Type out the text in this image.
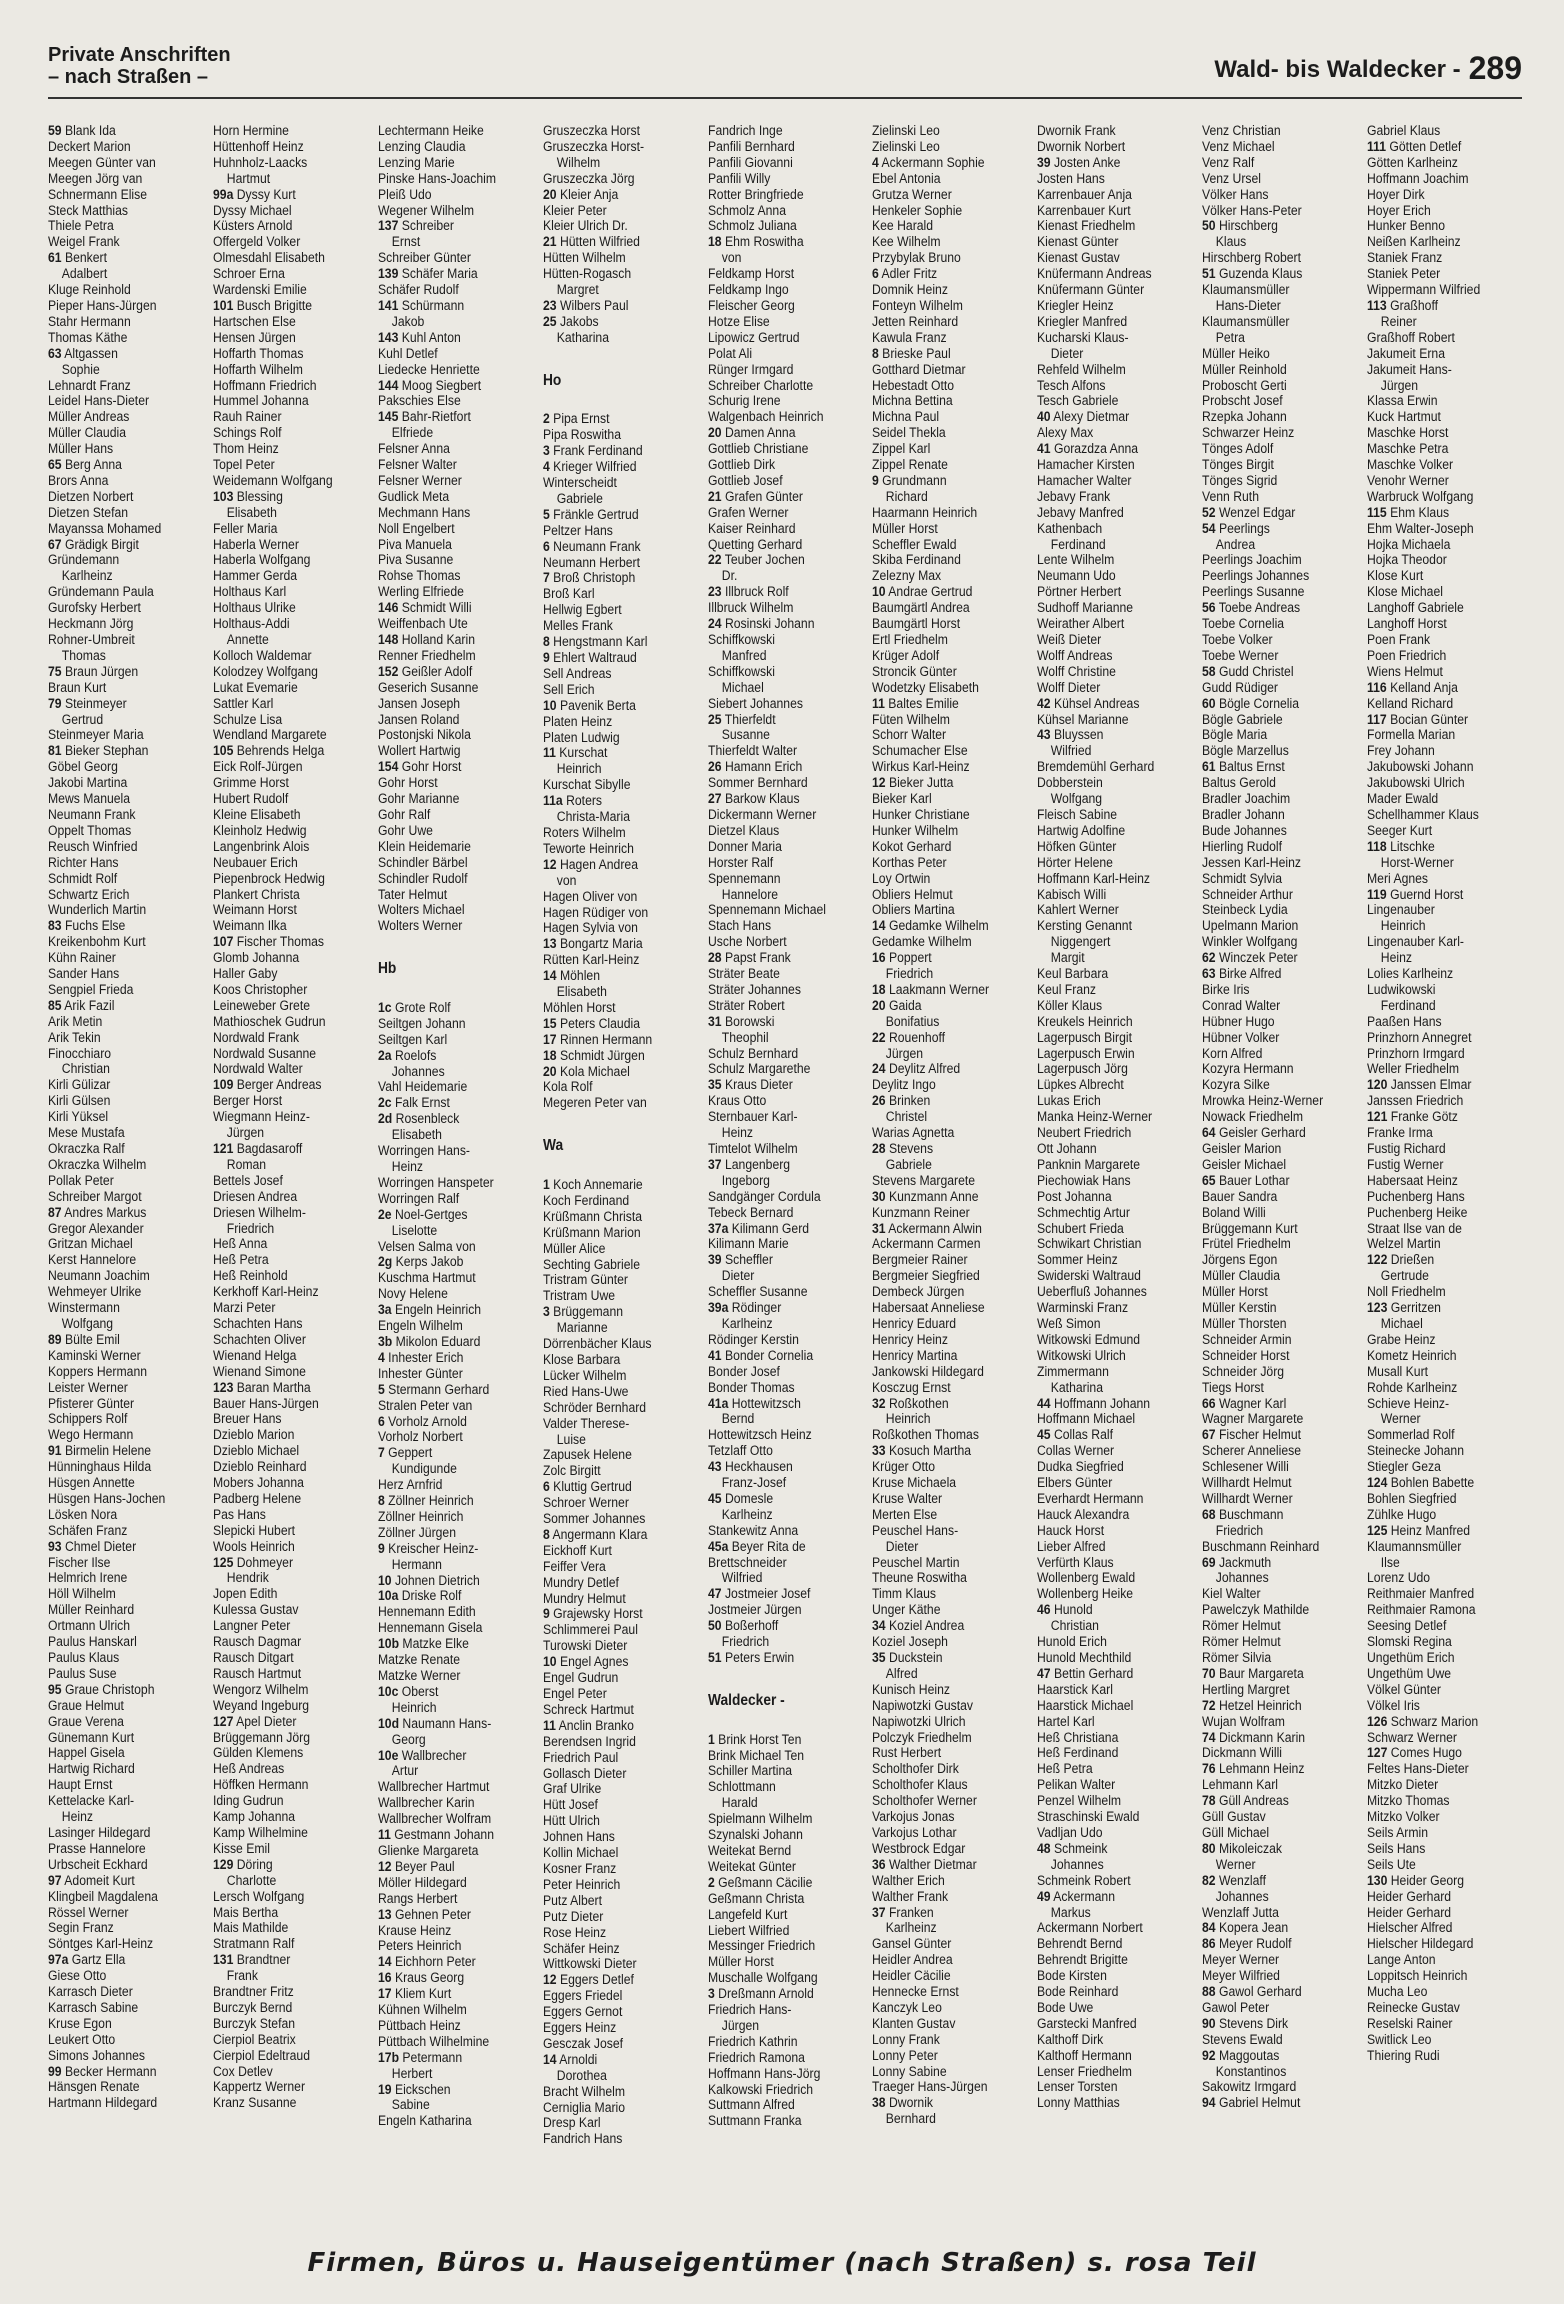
Private Anschriften
– nach Straßen –	Wald- bis Waldecker - 289
59 Blank Ida
Deckert Marion
Meegen Günter van
Meegen Jörg van
Schnermann Elise
Steck Matthias
Thiele Petra
Weigel Frank
61 Benkert
Adalbert
Kluge Reinhold
Pieper Hans-Jürgen
Stahr Hermann
Thomas Käthe
63 Altgassen
Sophie
Lehnardt Franz
Leidel Hans-Dieter
Müller Andreas
Müller Claudia
Müller Hans
65 Berg Anna
Brors Anna
Dietzen Norbert
Dietzen Stefan
Mayanssa Mohamed
67 Grädigk Birgit
Gründemann
Karlheinz
Gründemann Paula
Gurofsky Herbert
Heckmann Jörg
Rohner-Umbreit
Thomas
75 Braun Jürgen
Braun Kurt
79 Steinmeyer
Gertrud
Steinmeyer Maria
81 Bieker Stephan
Göbel Georg
Jakobi Martina
Mews Manuela
Neumann Frank
Oppelt Thomas
Reusch Winfried
Richter Hans
Schmidt Rolf
Schwartz Erich
Wunderlich Martin
83 Fuchs Else
Kreikenbohm Kurt
Kühn Rainer
Sander Hans
Sengpiel Frieda
85 Arik Fazil
Arik Metin
Arik Tekin
Finocchiaro
Christian
Kirli Gülizar
Kirli Gülsen
Kirli Yüksel
Mese Mustafa
Okraczka Ralf
Okraczka Wilhelm
Pollak Peter
Schreiber Margot
87 Andres Markus
Gregor Alexander
Gritzan Michael
Kerst Hannelore
Neumann Joachim
Wehmeyer Ulrike
Winstermann
Wolfgang
89 Bülte Emil
Kaminski Werner
Koppers Hermann
Leister Werner
Pfisterer Günter
Schippers Rolf
Wego Hermann
91 Birmelin Helene
Hünninghaus Hilda
Hüsgen Annette
Hüsgen Hans-Jochen
Lösken Nora
Schäfen Franz
93 Chmel Dieter
Fischer Ilse
Helmrich Irene
Höll Wilhelm
Müller Reinhard
Ortmann Ulrich
Paulus Hanskarl
Paulus Klaus
Paulus Suse
95 Graue Christoph
Graue Helmut
Graue Verena
Günemann Kurt
Happel Gisela
Hartwig Richard
Haupt Ernst
Kettelacke Karl-
Heinz
Lasinger Hildegard
Prasse Hannelore
Urbscheit Eckhard
97 Adomeit Kurt
Klingbeil Magdalena
Rössel Werner
Segin Franz
Söntges Karl-Heinz
97a Gartz Ella
Giese Otto
Karrasch Dieter
Karrasch Sabine
Kruse Egon
Leukert Otto
Simons Johannes
99 Becker Hermann
Hänsgen Renate
Hartmann Hildegard
Horn Hermine
Hüttenhoff Heinz
Huhnholz-Laacks
Hartmut
99a Dyssy Kurt
Dyssy Michael
Küsters Arnold
Offergeld Volker
Olmesdahl Elisabeth
Schroer Erna
Wardenski Emilie
101 Busch Brigitte
Hartschen Else
Hensen Jürgen
Hoffarth Thomas
Hoffarth Wilhelm
Hoffmann Friedrich
Hummel Johanna
Rauh Rainer
Schings Rolf
Thom Heinz
Topel Peter
Weidemann Wolfgang
103 Blessing
Elisabeth
Feller Maria
Haberla Werner
Haberla Wolfgang
Hammer Gerda
Holthaus Karl
Holthaus Ulrike
Holthaus-Addi
Annette
Kolloch Waldemar
Kolodzey Wolfgang
Lukat Evemarie
Sattler Karl
Schulze Lisa
Wendland Margarete
105 Behrends Helga
Eick Rolf-Jürgen
Grimme Horst
Hubert Rudolf
Kleine Elisabeth
Kleinholz Hedwig
Langenbrink Alois
Neubauer Erich
Piepenbrock Hedwig
Plankert Christa
Weimann Horst
Weimann Ilka
107 Fischer Thomas
Glomb Johanna
Haller Gaby
Koos Christopher
Leineweber Grete
Mathioschek Gudrun
Nordwald Frank
Nordwald Susanne
Nordwald Walter
109 Berger Andreas
Berger Horst
Wiegmann Heinz-
Jürgen
121 Bagdasaroff
Roman
Bettels Josef
Driesen Andrea
Driesen Wilhelm-
Friedrich
Heß Anna
Heß Petra
Heß Reinhold
Kerkhoff Karl-Heinz
Marzi Peter
Schachten Hans
Schachten Oliver
Wienand Helga
Wienand Simone
123 Baran Martha
Bauer Hans-Jürgen
Breuer Hans
Dzieblo Marion
Dzieblo Michael
Dzieblo Reinhard
Mobers Johanna
Padberg Helene
Pas Hans
Slepicki Hubert
Wools Heinrich
125 Dohmeyer
Hendrik
Jopen Edith
Kulessa Gustav
Langner Peter
Rausch Dagmar
Rausch Ditgart
Rausch Hartmut
Wengorz Wilhelm
Weyand Ingeburg
127 Apel Dieter
Brüggemann Jörg
Gülden Klemens
Heß Andreas
Höffken Hermann
Iding Gudrun
Kamp Johanna
Kamp Wilhelmine
Kisse Emil
129 Döring
Charlotte
Lersch Wolfgang
Mais Bertha
Mais Mathilde
Stratmann Ralf
131 Brandtner
Frank
Brandtner Fritz
Burczyk Bernd
Burczyk Stefan
Cierpiol Beatrix
Cierpiol Edeltraud
Cox Detlev
Kappertz Werner
Kranz Susanne
Lechtermann Heike
Lenzing Claudia
Lenzing Marie
Pinske Hans-Joachim
Pleiß Udo
Wegener Wilhelm
137 Schreiber
Ernst
Schreiber Günter
139 Schäfer Maria
Schäfer Rudolf
141 Schürmann
Jakob
143 Kuhl Anton
Kuhl Detlef
Liedecke Henriette
144 Moog Siegbert
Pakschies Else
145 Bahr-Rietfort
Elfriede
Felsner Anna
Felsner Walter
Felsner Werner
Gudlick Meta
Mechmann Hans
Noll Engelbert
Piva Manuela
Piva Susanne
Rohse Thomas
Werling Elfriede
146 Schmidt Willi
Weiffenbach Ute
148 Holland Karin
Renner Friedhelm
152 Geißler Adolf
Geserich Susanne
Jansen Joseph
Jansen Roland
Postonjski Nikola
Wollert Hartwig
154 Gohr Horst
Gohr Horst
Gohr Marianne
Gohr Ralf
Gohr Uwe
Klein Heidemarie
Schindler Bärbel
Schindler Rudolf
Tater Helmut
Wolters Michael
Wolters Werner

Hb

1c Grote Rolf
Seiltgen Johann
Seiltgen Karl
2a Roelofs
Johannes
Vahl Heidemarie
2c Falk Ernst
2d Rosenbleck
Elisabeth
Worringen Hans-
Heinz
Worringen Hanspeter
Worringen Ralf
2e Noel-Gertges
Liselotte
Velsen Salma von
2g Kerps Jakob
Kuschma Hartmut
Novy Helene
3a Engeln Heinrich
Engeln Wilhelm
3b Mikolon Eduard
4 Inhester Erich
Inhester Günter
5 Stermann Gerhard
Stralen Peter van
6 Vorholz Arnold
Vorholz Norbert
7 Geppert
Kundigunde
Herz Arnfrid
8 Zöllner Heinrich
Zöllner Heinrich
Zöllner Jürgen
9 Kreischer Heinz-
Hermann
10 Johnen Dietrich
10a Driske Rolf
Hennemann Edith
Hennemann Gisela
10b Matzke Elke
Matzke Renate
Matzke Werner
10c Oberst
Heinrich
10d Naumann Hans-
Georg
10e Wallbrecher
Artur
Wallbrecher Hartmut
Wallbrecher Karin
Wallbrecher Wolfram
11 Gestmann Johann
Glienke Margareta
12 Beyer Paul
Möller Hildegard
Rangs Herbert
13 Gehnen Peter
Krause Heinz
Peters Heinrich
14 Eichhorn Peter
16 Kraus Georg
17 Kliem Kurt
Kühnen Wilhelm
Püttbach Heinz
Püttbach Wilhelmine
17b Petermann
Herbert
19 Eickschen
Sabine
Engeln Katharina
Gruszeczka Horst
Gruszeczka Horst-
Wilhelm
Gruszeczka Jörg
20 Kleier Anja
Kleier Peter
Kleier Ulrich Dr.
21 Hütten Wilfried
Hütten Wilhelm
Hütten-Rogasch
Margret
23 Wilbers Paul
25 Jakobs
Katharina

Ho

2 Pipa Ernst
Pipa Roswitha
3 Frank Ferdinand
4 Krieger Wilfried
Winterscheidt
Gabriele
5 Fränkle Gertrud
Peltzer Hans
6 Neumann Frank
Neumann Herbert
7 Broß Christoph
Broß Karl
Hellwig Egbert
Melles Frank
8 Hengstmann Karl
9 Ehlert Waltraud
Sell Andreas
Sell Erich
10 Pavenik Berta
Platen Heinz
Platen Ludwig
11 Kurschat
Heinrich
Kurschat Sibylle
11a Roters
Christa-Maria
Roters Wilhelm
Teworte Heinrich
12 Hagen Andrea
von
Hagen Oliver von
Hagen Rüdiger von
Hagen Sylvia von
13 Bongartz Maria
Rütten Karl-Heinz
14 Möhlen
Elisabeth
Möhlen Horst
15 Peters Claudia
17 Rinnen Hermann
18 Schmidt Jürgen
20 Kola Michael
Kola Rolf
Megeren Peter van

Wa

1 Koch Annemarie
Koch Ferdinand
Krüßmann Christa
Krüßmann Marion
Müller Alice
Sechting Gabriele
Tristram Günter
Tristram Uwe
3 Brüggemann
Marianne
Dörrenbächer Klaus
Klose Barbara
Lücker Wilhelm
Ried Hans-Uwe
Schröder Bernhard
Valder Therese-
Luise
Zapusek Helene
Zolc Birgitt
6 Kluttig Gertrud
Schroer Werner
Sommer Johannes
8 Angermann Klara
Eickhoff Kurt
Feiffer Vera
Mundry Detlef
Mundry Helmut
9 Grajewsky Horst
Schlimmerei Paul
Turowski Dieter
10 Engel Agnes
Engel Gudrun
Engel Peter
Schreck Hartmut
11 Anclin Branko
Berendsen Ingrid
Friedrich Paul
Gollasch Dieter
Graf Ulrike
Hütt Josef
Hütt Ulrich
Johnen Hans
Kollin Michael
Kosner Franz
Peter Heinrich
Putz Albert
Putz Dieter
Rose Heinz
Schäfer Heinz
Wittkowski Dieter
12 Eggers Detlef
Eggers Friedel
Eggers Gernot
Eggers Heinz
Gesczak Josef
14 Arnoldi
Dorothea
Bracht Wilhelm
Cerniglia Mario
Dresp Karl
Fandrich Hans
Fandrich Inge
Panfili Bernhard
Panfili Giovanni
Panfili Willy
Rotter Bringfriede
Schmolz Anna
Schmolz Juliana
18 Ehm Roswitha
von
Feldkamp Horst
Feldkamp Ingo
Fleischer Georg
Hotze Elise
Lipowicz Gertrud
Polat Ali
Rünger Irmgard
Schreiber Charlotte
Schurig Irene
Walgenbach Heinrich
20 Damen Anna
Gottlieb Christiane
Gottlieb Dirk
Gottlieb Josef
21 Grafen Günter
Grafen Werner
Kaiser Reinhard
Quetting Gerhard
22 Teuber Jochen
Dr.
23 Illbruck Rolf
Illbruck Wilhelm
24 Rosinski Johann
Schiffkowski
Manfred
Schiffkowski
Michael
Siebert Johannes
25 Thierfeldt
Susanne
Thierfeldt Walter
26 Hamann Erich
Sommer Bernhard
27 Barkow Klaus
Dickermann Werner
Dietzel Klaus
Donner Maria
Horster Ralf
Spennemann
Hannelore
Spennemann Michael
Stach Hans
Usche Norbert
28 Papst Frank
Sträter Beate
Sträter Johannes
Sträter Robert
31 Borowski
Theophil
Schulz Bernhard
Schulz Margarethe
35 Kraus Dieter
Kraus Otto
Sternbauer Karl-
Heinz
Timtelot Wilhelm
37 Langenberg
Ingeborg
Sandgänger Cordula
Tebeck Bernard
37a Kilimann Gerd
Kilimann Marie
39 Scheffler
Dieter
Scheffler Susanne
39a Rödinger
Karlheinz
Rödinger Kerstin
41 Bonder Cornelia
Bonder Josef
Bonder Thomas
41a Hottewitzsch
Bernd
Hottewitzsch Heinz
Tetzlaff Otto
43 Heckhausen
Franz-Josef
45 Domesle
Karlheinz
Stankewitz Anna
45a Beyer Rita de
Brettschneider
Wilfried
47 Jostmeier Josef
Jostmeier Jürgen
50 Boßerhoff
Friedrich
51 Peters Erwin

Waldecker -

1 Brink Horst Ten
Brink Michael Ten
Schiller Martina
Schlottmann
Harald
Spielmann Wilhelm
Szynalski Johann
Weitekat Bernd
Weitekat Günter
2 Geßmann Cäcilie
Geßmann Christa
Langefeld Kurt
Liebert Wilfried
Messinger Friedrich
Müller Horst
Muschalle Wolfgang
3 Dreßmann Arnold
Friedrich Hans-
Jürgen
Friedrich Kathrin
Friedrich Ramona
Hoffmann Hans-Jörg
Kalkowski Friedrich
Suttmann Alfred
Suttmann Franka
Zielinski Leo
Zielinski Leo
4 Ackermann Sophie
Ebel Antonia
Grutza Werner
Henkeler Sophie
Kee Harald
Kee Wilhelm
Przybylak Bruno
6 Adler Fritz
Domnik Heinz
Fonteyn Wilhelm
Jetten Reinhard
Kawula Franz
8 Brieske Paul
Gotthard Dietmar
Hebestadt Otto
Michna Bettina
Michna Paul
Seidel Thekla
Zippel Karl
Zippel Renate
9 Grundmann
Richard
Haarmann Heinrich
Müller Horst
Scheffler Ewald
Skiba Ferdinand
Zelezny Max
10 Andrae Gertrud
Baumgärtl Andrea
Baumgärtl Horst
Ertl Friedhelm
Krüger Adolf
Stroncik Günter
Wodetzky Elisabeth
11 Baltes Emilie
Füten Wilhelm
Schorr Walter
Schumacher Else
Wirkus Karl-Heinz
12 Bieker Jutta
Bieker Karl
Hunker Christiane
Hunker Wilhelm
Kokot Gerhard
Korthas Peter
Loy Ortwin
Obliers Helmut
Obliers Martina
14 Gedamke Wilhelm
Gedamke Wilhelm
16 Poppert
Friedrich
18 Laakmann Werner
20 Gaida
Bonifatius
22 Rouenhoff
Jürgen
24 Deylitz Alfred
Deylitz Ingo
26 Brinken
Christel
Warias Agnetta
28 Stevens
Gabriele
Stevens Margarete
30 Kunzmann Anne
Kunzmann Reiner
31 Ackermann Alwin
Ackermann Carmen
Bergmeier Rainer
Bergmeier Siegfried
Dembeck Jürgen
Habersaat Anneliese
Henricy Eduard
Henricy Heinz
Henricy Martina
Jankowski Hildegard
Kosczug Ernst
32 Roßkothen
Heinrich
Roßkothen Thomas
33 Kosuch Martha
Krüger Otto
Kruse Michaela
Kruse Walter
Merten Else
Peuschel Hans-
Dieter
Peuschel Martin
Theune Roswitha
Timm Klaus
Unger Käthe
34 Koziel Andrea
Koziel Joseph
35 Duckstein
Alfred
Kunisch Heinz
Napiwotzki Gustav
Napiwotzki Ulrich
Polczyk Friedhelm
Rust Herbert
Scholthofer Dirk
Scholthofer Klaus
Scholthofer Werner
Varkojus Jonas
Varkojus Lothar
Westbrock Edgar
36 Walther Dietmar
Walther Erich
Walther Frank
37 Franken
Karlheinz
Gansel Günter
Heidler Andrea
Heidler Cäcilie
Hennecke Ernst
Kanczyk Leo
Klanten Gustav
Lonny Frank
Lonny Peter
Lonny Sabine
Traeger Hans-Jürgen
38 Dwornik
Bernhard
Dwornik Frank
Dwornik Norbert
39 Josten Anke
Josten Hans
Karrenbauer Anja
Karrenbauer Kurt
Kienast Friedhelm
Kienast Günter
Kienast Gustav
Knüfermann Andreas
Knüfermann Günter
Kriegler Heinz
Kriegler Manfred
Kucharski Klaus-
Dieter
Rehfeld Wilhelm
Tesch Alfons
Tesch Gabriele
40 Alexy Dietmar
Alexy Max
41 Gorazdza Anna
Hamacher Kirsten
Hamacher Walter
Jebavy Frank
Jebavy Manfred
Kathenbach
Ferdinand
Lente Wilhelm
Neumann Udo
Pörtner Herbert
Sudhoff Marianne
Weirather Albert
Weiß Dieter
Wolff Andreas
Wolff Christine
Wolff Dieter
42 Kühsel Andreas
Kühsel Marianne
43 Bluyssen
Wilfried
Bremdemühl Gerhard
Dobberstein
Wolfgang
Fleisch Sabine
Hartwig Adolfine
Höfken Günter
Hörter Helene
Hoffmann Karl-Heinz
Kabisch Willi
Kahlert Werner
Kersting Genannt
Niggengert
Margit
Keul Barbara
Keul Franz
Köller Klaus
Kreukels Heinrich
Lagerpusch Birgit
Lagerpusch Erwin
Lagerpusch Jörg
Lüpkes Albrecht
Lukas Erich
Manka Heinz-Werner
Neubert Friedrich
Ott Johann
Panknin Margarete
Piechowiak Hans
Post Johanna
Schmechtig Artur
Schubert Frieda
Schwikart Christian
Sommer Heinz
Swiderski Waltraud
Ueberfluß Johannes
Warminski Franz
Weß Simon
Witkowski Edmund
Witkowski Ulrich
Zimmermann
Katharina
44 Hoffmann Johann
Hoffmann Michael
45 Collas Ralf
Collas Werner
Dudka Siegfried
Elbers Günter
Everhardt Hermann
Hauck Alexandra
Hauck Horst
Lieber Alfred
Verfürth Klaus
Wollenberg Ewald
Wollenberg Heike
46 Hunold
Christian
Hunold Erich
Hunold Mechthild
47 Bettin Gerhard
Haarstick Karl
Haarstick Michael
Hartel Karl
Heß Christiana
Heß Ferdinand
Heß Petra
Pelikan Walter
Penzel Wilhelm
Straschinski Ewald
Vadljan Udo
48 Schmeink
Johannes
Schmeink Robert
49 Ackermann
Markus
Ackermann Norbert
Behrendt Bernd
Behrendt Brigitte
Bode Kirsten
Bode Reinhard
Bode Uwe
Garstecki Manfred
Kalthoff Dirk
Kalthoff Hermann
Lenser Friedhelm
Lenser Torsten
Lonny Matthias
Venz Christian
Venz Michael
Venz Ralf
Venz Ursel
Völker Hans
Völker Hans-Peter
50 Hirschberg
Klaus
Hirschberg Robert
51 Guzenda Klaus
Klaumansmüller
Hans-Dieter
Klaumansmüller
Petra
Müller Heiko
Müller Reinhold
Proboscht Gerti
Probscht Josef
Rzepka Johann
Schwarzer Heinz
Tönges Adolf
Tönges Birgit
Tönges Sigrid
Venn Ruth
52 Wenzel Edgar
54 Peerlings
Andrea
Peerlings Joachim
Peerlings Johannes
Peerlings Susanne
56 Toebe Andreas
Toebe Cornelia
Toebe Volker
Toebe Werner
58 Gudd Christel
Gudd Rüdiger
60 Bögle Cornelia
Bögle Gabriele
Bögle Maria
Bögle Marzellus
61 Baltus Ernst
Baltus Gerold
Bradler Joachim
Bradler Johann
Bude Johannes
Hierling Rudolf
Jessen Karl-Heinz
Schmidt Sylvia
Schneider Arthur
Steinbeck Lydia
Upelmann Marion
Winkler Wolfgang
62 Winczek Peter
63 Birke Alfred
Birke Iris
Conrad Walter
Hübner Hugo
Hübner Volker
Korn Alfred
Kozyra Hermann
Kozyra Silke
Mrowka Heinz-Werner
Nowack Friedhelm
64 Geisler Gerhard
Geisler Marion
Geisler Michael
65 Bauer Lothar
Bauer Sandra
Boland Willi
Brüggemann Kurt
Frütel Friedhelm
Jörgens Egon
Müller Claudia
Müller Horst
Müller Kerstin
Müller Thorsten
Schneider Armin
Schneider Horst
Schneider Jörg
Tiegs Horst
66 Wagner Karl
Wagner Margarete
67 Fischer Helmut
Scherer Anneliese
Schlesener Willi
Willhardt Helmut
Willhardt Werner
68 Buschmann
Friedrich
Buschmann Reinhard
69 Jackmuth
Johannes
Kiel Walter
Pawelczyk Mathilde
Römer Helmut
Römer Helmut
Römer Silvia
70 Baur Margareta
Hertling Margret
72 Hetzel Heinrich
Wujan Wolfram
74 Dickmann Karin
Dickmann Willi
76 Lehmann Heinz
Lehmann Karl
78 Güll Andreas
Güll Gustav
Güll Michael
80 Mikoleiczak
Werner
82 Wenzlaff
Johannes
Wenzlaff Jutta
84 Kopera Jean
86 Meyer Rudolf
Meyer Werner
Meyer Wilfried
88 Gawol Gerhard
Gawol Peter
90 Stevens Dirk
Stevens Ewald
92 Maggoutas
Konstantinos
Sakowitz Irmgard
94 Gabriel Helmut
Gabriel Klaus
111 Götten Detlef
Götten Karlheinz
Hoffmann Joachim
Hoyer Dirk
Hoyer Erich
Hunker Benno
Neißen Karlheinz
Staniek Franz
Staniek Peter
Wippermann Wilfried
113 Graßhoff
Reiner
Graßhoff Robert
Jakumeit Erna
Jakumeit Hans-
Jürgen
Klassa Erwin
Kuck Hartmut
Maschke Horst
Maschke Petra
Maschke Volker
Venohr Werner
Warbruck Wolfgang
115 Ehm Klaus
Ehm Walter-Joseph
Hojka Michaela
Hojka Theodor
Klose Kurt
Klose Michael
Langhoff Gabriele
Langhoff Horst
Poen Frank
Poen Friedrich
Wiens Helmut
116 Kelland Anja
Kelland Richard
117 Bocian Günter
Formella Marian
Frey Johann
Jakubowski Johann
Jakubowski Ulrich
Mader Ewald
Schellhammer Klaus
Seeger Kurt
118 Litschke
Horst-Werner
Meri Agnes
119 Guernd Horst
Lingenauber
Heinrich
Lingenauber Karl-
Heinz
Lolies Karlheinz
Ludwikowski
Ferdinand
Paaßen Hans
Prinzhorn Annegret
Prinzhorn Irmgard
Weller Friedhelm
120 Janssen Elmar
Janssen Friedrich
121 Franke Götz
Franke Irma
Fustig Richard
Fustig Werner
Habersaat Heinz
Puchenberg Hans
Puchenberg Heike
Straat Ilse van de
Welzel Martin
122 Drießen
Gertrude
Noll Friedhelm
123 Gerritzen
Michael
Grabe Heinz
Kometz Heinrich
Musall Kurt
Rohde Karlheinz
Schieve Heinz-
Werner
Sommerlad Rolf
Steinecke Johann
Stiegler Geza
124 Bohlen Babette
Bohlen Siegfried
Zühlke Hugo
125 Heinz Manfred
Klaumannsmüller
Ilse
Lorenz Udo
Reithmaier Manfred
Reithmaier Ramona
Seesing Detlef
Slomski Regina
Ungethüm Erich
Ungethüm Uwe
Völkel Günter
Völkel Iris
126 Schwarz Marion
Schwarz Werner
127 Comes Hugo
Feltes Hans-Dieter
Mitzko Dieter
Mitzko Thomas
Mitzko Volker
Seils Armin
Seils Hans
Seils Ute
130 Heider Georg
Heider Gerhard
Heider Gerhard
Hielscher Alfred
Hielscher Hildegard
Lange Anton
Loppitsch Heinrich
Mucha Leo
Reinecke Gustav
Reselski Rainer
Switlick Leo
Thiering Rudi
Firmen, Büros u. Hauseigentümer (nach Straßen) s. rosa Teil
